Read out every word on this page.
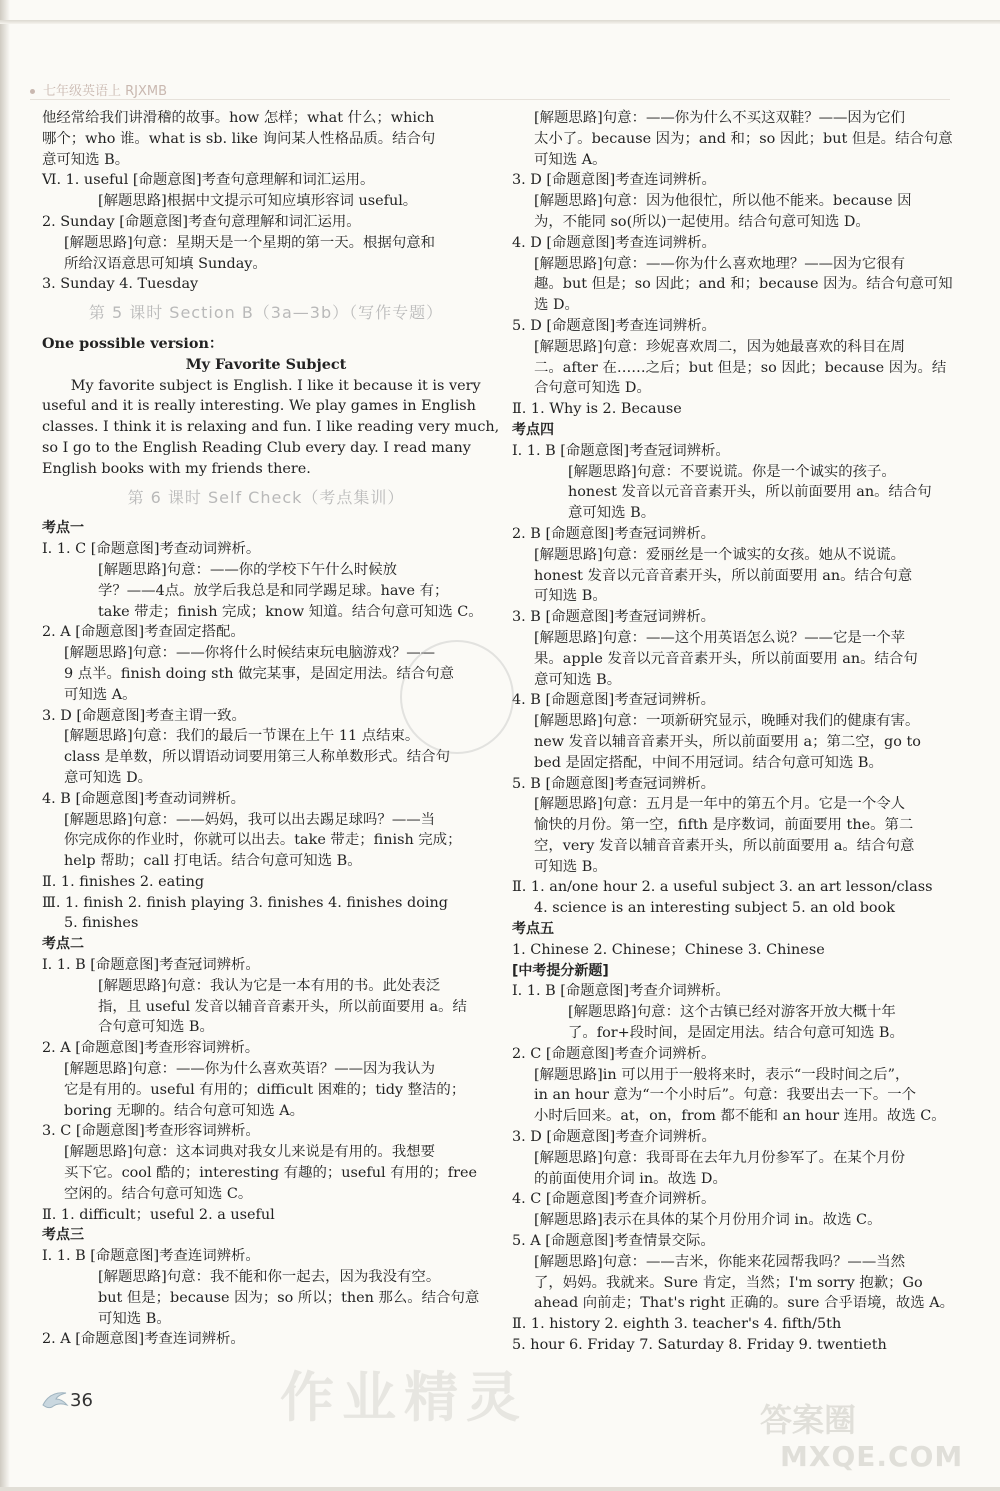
七年级英语上 RJXMB
他经常给我们讲滑稽的故事。how 怎样；what 什么；which
哪个；who 谁。what is sb. like 询问某人性格品质。结合句
意可知选 B。
Ⅵ. 1. useful [命题意图]考查句意理解和词汇运用。
[解题思路]根据中文提示可知应填形容词 useful。
2. Sunday [命题意图]考查句意理解和词汇运用。
[解题思路]句意：星期天是一个星期的第一天。根据句意和
所给汉语意思可知填 Sunday。
3. Sunday 4. Tuesday
第 5 课时 Section B（3a—3b）（写作专题）
One possible version：
My Favorite Subject
My favorite subject is English. I like it because it is very
useful and it is really interesting. We play games in English
classes. I think it is relaxing and fun. I like reading very much,
so I go to the English Reading Club every day. I read many
English books with my friends there.
第 6 课时 Self Check（考点集训）
考点一
Ⅰ. 1. C [命题意图]考查动词辨析。
[解题思路]句意：——你的学校下午什么时候放
学？——4点。放学后我总是和同学踢足球。have 有；
take 带走；finish 完成；know 知道。结合句意可知选 C。
2. A [命题意图]考查固定搭配。
[解题思路]句意：——你将什么时候结束玩电脑游戏？——
9 点半。finish doing sth 做完某事，是固定用法。结合句意
可知选 A。
3. D [命题意图]考查主谓一致。
[解题思路]句意：我们的最后一节课在上午 11 点结束。
class 是单数，所以谓语动词要用第三人称单数形式。结合句
意可知选 D。
4. B [命题意图]考查动词辨析。
[解题思路]句意：——妈妈，我可以出去踢足球吗？——当
你完成你的作业时，你就可以出去。take 带走；finish 完成；
help 帮助；call 打电话。结合句意可知选 B。
Ⅱ. 1. finishes 2. eating
Ⅲ. 1. finish 2. finish playing 3. finishes 4. finishes doing
5. finishes
考点二
Ⅰ. 1. B [命题意图]考查冠词辨析。
[解题思路]句意：我认为它是一本有用的书。此处表泛
指，且 useful 发音以辅音音素开头，所以前面要用 a。结
合句意可知选 B。
2. A [命题意图]考查形容词辨析。
[解题思路]句意：——你为什么喜欢英语？——因为我认为
它是有用的。useful 有用的；difficult 困难的；tidy 整洁的；
boring 无聊的。结合句意可知选 A。
3. C [命题意图]考查形容词辨析。
[解题思路]句意：这本词典对我女儿来说是有用的。我想要
买下它。cool 酷的；interesting 有趣的；useful 有用的；free
空闲的。结合句意可知选 C。
Ⅱ. 1. difficult；useful 2. a useful
考点三
Ⅰ. 1. B [命题意图]考查连词辨析。
[解题思路]句意：我不能和你一起去，因为我没有空。
but 但是；because 因为；so 所以；then 那么。结合句意
可知选 B。
2. A [命题意图]考查连词辨析。
[解题思路]句意：——你为什么不买这双鞋？——因为它们
太小了。because 因为；and 和；so 因此；but 但是。结合句意
可知选 A。
3. D [命题意图]考查连词辨析。
[解题思路]句意：因为他很忙，所以他不能来。because 因
为，不能同 so(所以)一起使用。结合句意可知选 D。
4. D [命题意图]考查连词辨析。
[解题思路]句意：——你为什么喜欢地理？——因为它很有
趣。but 但是；so 因此；and 和；because 因为。结合句意可知
选 D。
5. D [命题意图]考查连词辨析。
[解题思路]句意：珍妮喜欢周二，因为她最喜欢的科目在周
二。after 在……之后；but 但是；so 因此；because 因为。结
合句意可知选 D。
Ⅱ. 1. Why is 2. Because
考点四
Ⅰ. 1. B [命题意图]考查冠词辨析。
[解题思路]句意：不要说谎。你是一个诚实的孩子。
honest 发音以元音音素开头，所以前面要用 an。结合句
意可知选 B。
2. B [命题意图]考查冠词辨析。
[解题思路]句意：爱丽丝是一个诚实的女孩。她从不说谎。
honest 发音以元音音素开头，所以前面要用 an。结合句意
可知选 B。
3. B [命题意图]考查冠词辨析。
[解题思路]句意：——这个用英语怎么说？——它是一个苹
果。apple 发音以元音音素开头，所以前面要用 an。结合句
意可知选 B。
4. B [命题意图]考查冠词辨析。
[解题思路]句意：一项新研究显示，晚睡对我们的健康有害。
new 发音以辅音音素开头，所以前面要用 a；第二空，go to
bed 是固定搭配，中间不用冠词。结合句意可知选 B。
5. B [命题意图]考查冠词辨析。
[解题思路]句意：五月是一年中的第五个月。它是一个令人
愉快的月份。第一空，fifth 是序数词，前面要用 the。第二
空，very 发音以辅音音素开头，所以前面要用 a。结合句意
可知选 B。
Ⅱ. 1. an/one hour 2. a useful subject 3. an art lesson/class
4. science is an interesting subject 5. an old book
考点五
1. Chinese 2. Chinese；Chinese 3. Chinese
[中考提分新题]
Ⅰ. 1. B [命题意图]考查介词辨析。
[解题思路]句意：这个古镇已经对游客开放大概十年
了。for+段时间，是固定用法。结合句意可知选 B。
2. C [命题意图]考查介词辨析。
[解题思路]in 可以用于一般将来时，表示“一段时间之后”，
in an hour 意为“一个小时后”。句意：我要出去一下。一个
小时后回来。at，on，from 都不能和 an hour 连用。故选 C。
3. D [命题意图]考查介词辨析。
[解题思路]句意：我哥哥在去年九月份参军了。在某个月份
的前面使用介词 in。故选 D。
4. C [命题意图]考查介词辨析。
[解题思路]表示在具体的某个月份用介词 in。故选 C。
5. A [命题意图]考查情景交际。
[解题思路]句意：——吉米，你能来花园帮我吗？——当然
了，妈妈。我就来。Sure 肯定，当然；I'm sorry 抱歉；Go
ahead 向前走；That's right 正确的。sure 合乎语境，故选 A。
Ⅱ. 1. history 2. eighth 3. teacher's 4. fifth/5th
5. hour 6. Friday 7. Saturday 8. Friday 9. twentieth
36	作业精灵	答案圈
MXQE.COM
